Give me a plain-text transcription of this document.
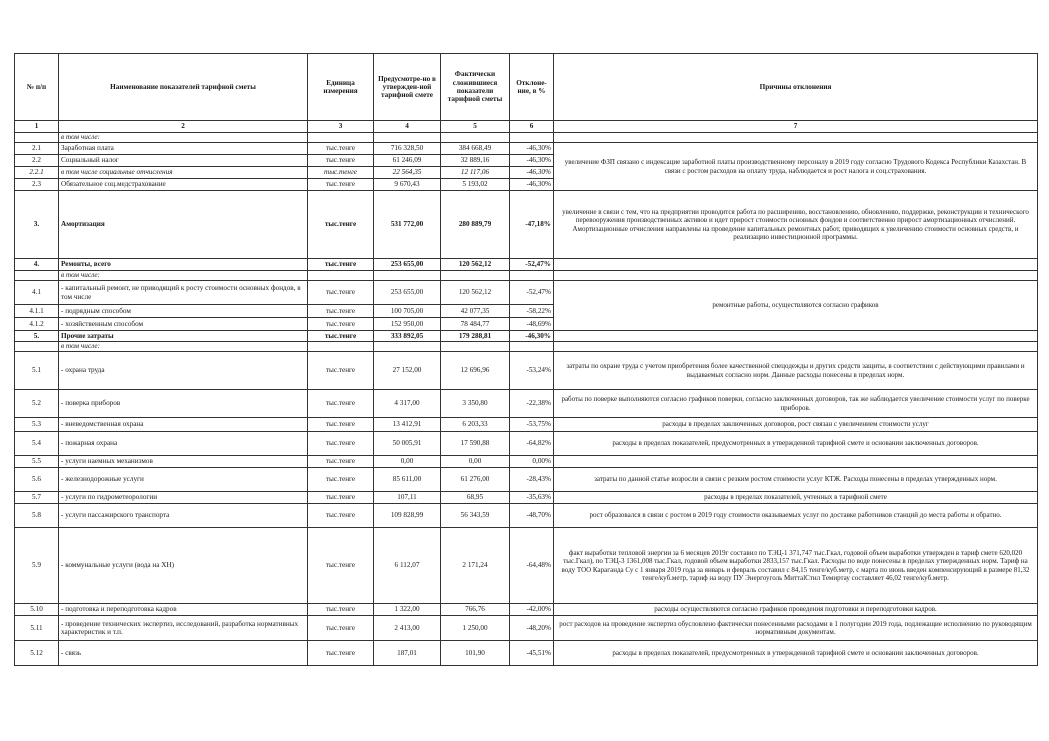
№ п/п	Наименование показателей тарифной сметы	Единица измерения	Предусмотре-но в утвержден-ной тарифной смете	Фактически сложившиеся показатели тарифной сметы	Отклоне-ние, в %	Причины отклонения
1	2	3	4	5	6	7
	в том числе:					
2.1	Заработная плата	тыс.тенге	716 328,50	384 668,49	-46,30%	увеличение ФЗП связано с индексацие заработной платы производственному персоналу в 2019 году согласно Трудового Кодекса Республики Казахстан. В связи с ростом расходов на оплату труда, наблюдается и рост налога и соц.страхования.
2.2	Социальный налог	тыс.тенге	61 246,09	32 889,16	-46,30%	
2.2.1	в том числе социальные отчисления	тыс.тенге	22 564,35	12 117,06	-46,30%	
2.3	Обязательное соц.медстрахование	тыс.тенге	9 670,43	5 193,02	-46,30%	
3.	Амортизация	тыс.тенге	531 772,00	280 889,79	-47,18%	увеличение в связи с тем, что на предприятии проводится работа по расширению, восстановлению, обновлению, поддержке, реконструкции и технического перевооружения производственных активов и идет прирост стоимости основных фондов и соответственно прирост амортизационных отчислений. Амортизационные отчисления направлены на проведение капитальных ремонтных работ, приводящих к увеличению стоимости основных средств, и реализацию инвестиционной программы.
4.	Ремонты, всего	тыс.тенге	253 655,00	120 562,12	-52,47%	
	в том числе:					
4.1	- капитальный ремонт, не приводящий к росту стоимости основных фондов, в том числе	тыс.тенге	253 655,00	120 562,12	-52,47%	ремонтные работы, осуществляются согласно графиков
4.1.1	- подрядным способом	тыс.тенге	100 705,00	42 077,35	-58,22%	
4.1.2	- хозяйственным способом	тыс.тенге	152 950,00	78 484,77	-48,69%	
5.	Прочие затраты	тыс.тенге	333 892,05	179 288,81	-46,30%	
	в том числе:					
5.1	- охрана труда	тыс.тенге	27 152,00	12 696,96	-53,24%	затраты по охране труда с учетом приобретения более качественной спецодежды и других средств защиты, в соответствии с действующими правилами и выдаваемых согласно норм. Данные расходы понесены в пределах норм.
5.2	- поверка приборов	тыс.тенге	4 317,00	3 350,80	-22,38%	работы по поверке выполняются согласно графиков поверки, согласно заключенных договоров, так же наблюдается увеличение стоимости услуг по поверке приборов.
5.3	- вневедомственная охрана	тыс.тенге	13 412,91	6 203,33	-53,75%	расходы в пределах заключенных договоров, рост связан с увеличением стоимости услуг
5.4	- пожарная охрана	тыс.тенге	50 005,91	17 590,88	-64,82%	расходы в пределах показателей, предусмотренных в утвержденной тарифной смете и основании заключенных договоров.
5.5	- услуги наемных механизмов	тыс.тенге	0,00	0,00	0,00%	
5.6	- железнодорожные услуги	тыс.тенге	85 611,00	61 276,00	-28,43%	затраты по данной статье возросли в связи с резким ростом стоимости услуг КТЖ. Расходы понесены в пределах утвержденных норм.
5.7	- услуги по гидрометеорологии	тыс.тенге	107,11	68,95	-35,63%	расходы в пределах показателей, учтенных в тарифной смете
5.8	- услуги пассажирского транспорта	тыс.тенге	109 828,99	56 343,59	-48,70%	рост образовался в связи с ростом в 2019 году стоимости оказываемых услуг по доставке работников станций до места работы и обратно.
5.9	- коммунальные услуги (вода на ХН)	тыс.тенге	6 112,07	2 171,24	-64,48%	факт выработки тепловой энергии за 6 месяцев 2019г составил по ТЭЦ-1 371,747 тыс.Гкал, годовой объем выработки утвержден в тариф смете 620,020 тыс.Гкал), по ТЭЦ-3 1361,008 тыс.Гкал, годовой объем выработки 2833,157 тыс.Гкал. Расходы по воде понесены в пределах утвержденных норм. Тариф на воду ТОО Караганда Су с 1 января 2019 года за январь и февраль составил с 84,15 тенге/куб.метр, с марта по июнь введен компенсирующий в размере 81,32 тенге/куб.метр, тариф на воду ПУ Энергоуголь МиттalСтил Темиртау составляет 46,02 тенге/куб.метр.
5.10	- подготовка и переподготовка кадров	тыс.тенге	1 322,00	766,76	-42,00%	расходы осуществляются согласно графиков проведения подготовки и переподготовки кадров.
5.11	- проведение технических экспертиз, исследований, разработка нормативных характеристик и т.п.	тыс.тенге	2 413,00	1 250,00	-48,20%	рост расходов на проведение экспертиз обусловлено фактически понесенными расходами в 1 полугодии 2019 года, подлежащие исполнению по руководящим нормативным документам.
5.12	- связь	тыс.тенге	187,01	101,90	-45,51%	расходы в пределах показателей, предусмотренных в утвержденной тарифной смете и основании заключенных договоров.
